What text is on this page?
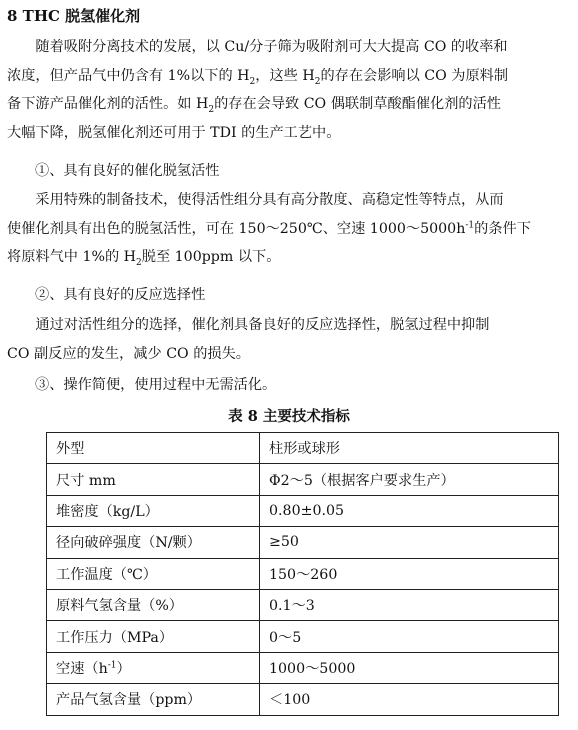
8 THC 脱氢催化剂

随着吸附分离技术的发展，以 Cu/分子筛为吸附剂可大大提高 CO 的收率和
浓度，但产品气中仍含有 1%以下的 $H_2$，这些 $H_2$的存在会影响以 CO 为原料制
备下游产品催化剂的活性。如 $H_2$的存在会导致 CO 偶联制草酸酯催化剂的活性
大幅下降，脱氢催化剂还可用于 TDI 的生产工艺中。

①、具有良好的催化脱氢活性

采用特殊的制备技术，使得活性组分具有高分散度、高稳定性等特点，从而
使催化剂具有出色的脱氢活性，可在 150～250℃、空速 $1000\sim 5000h^{-1}$的条件下
将原料气中 1%的 $H_2$脱至 100ppm 以下。

②、具有良好的反应选择性

通过对活性组分的选择，催化剂具备良好的反应选择性，脱氢过程中抑制
CO 副反应的发生，减少 CO 的损失。

③、操作简便，使用过程中无需活化。

表 8 主要技术指标

外型	柱形或球形
尺寸 mm	Φ2～5（根据客户要求生产）
堆密度（kg/L）	0.80±0.05
径向破碎强度（N/颗）	≥50
工作温度（℃）	150～260
原料气氢含量（%）	0.1～3
工作压力（MPa）	0～5
空速$(h^{-1})$	1000～5000
产品气氢含量（ppm）	＜100
